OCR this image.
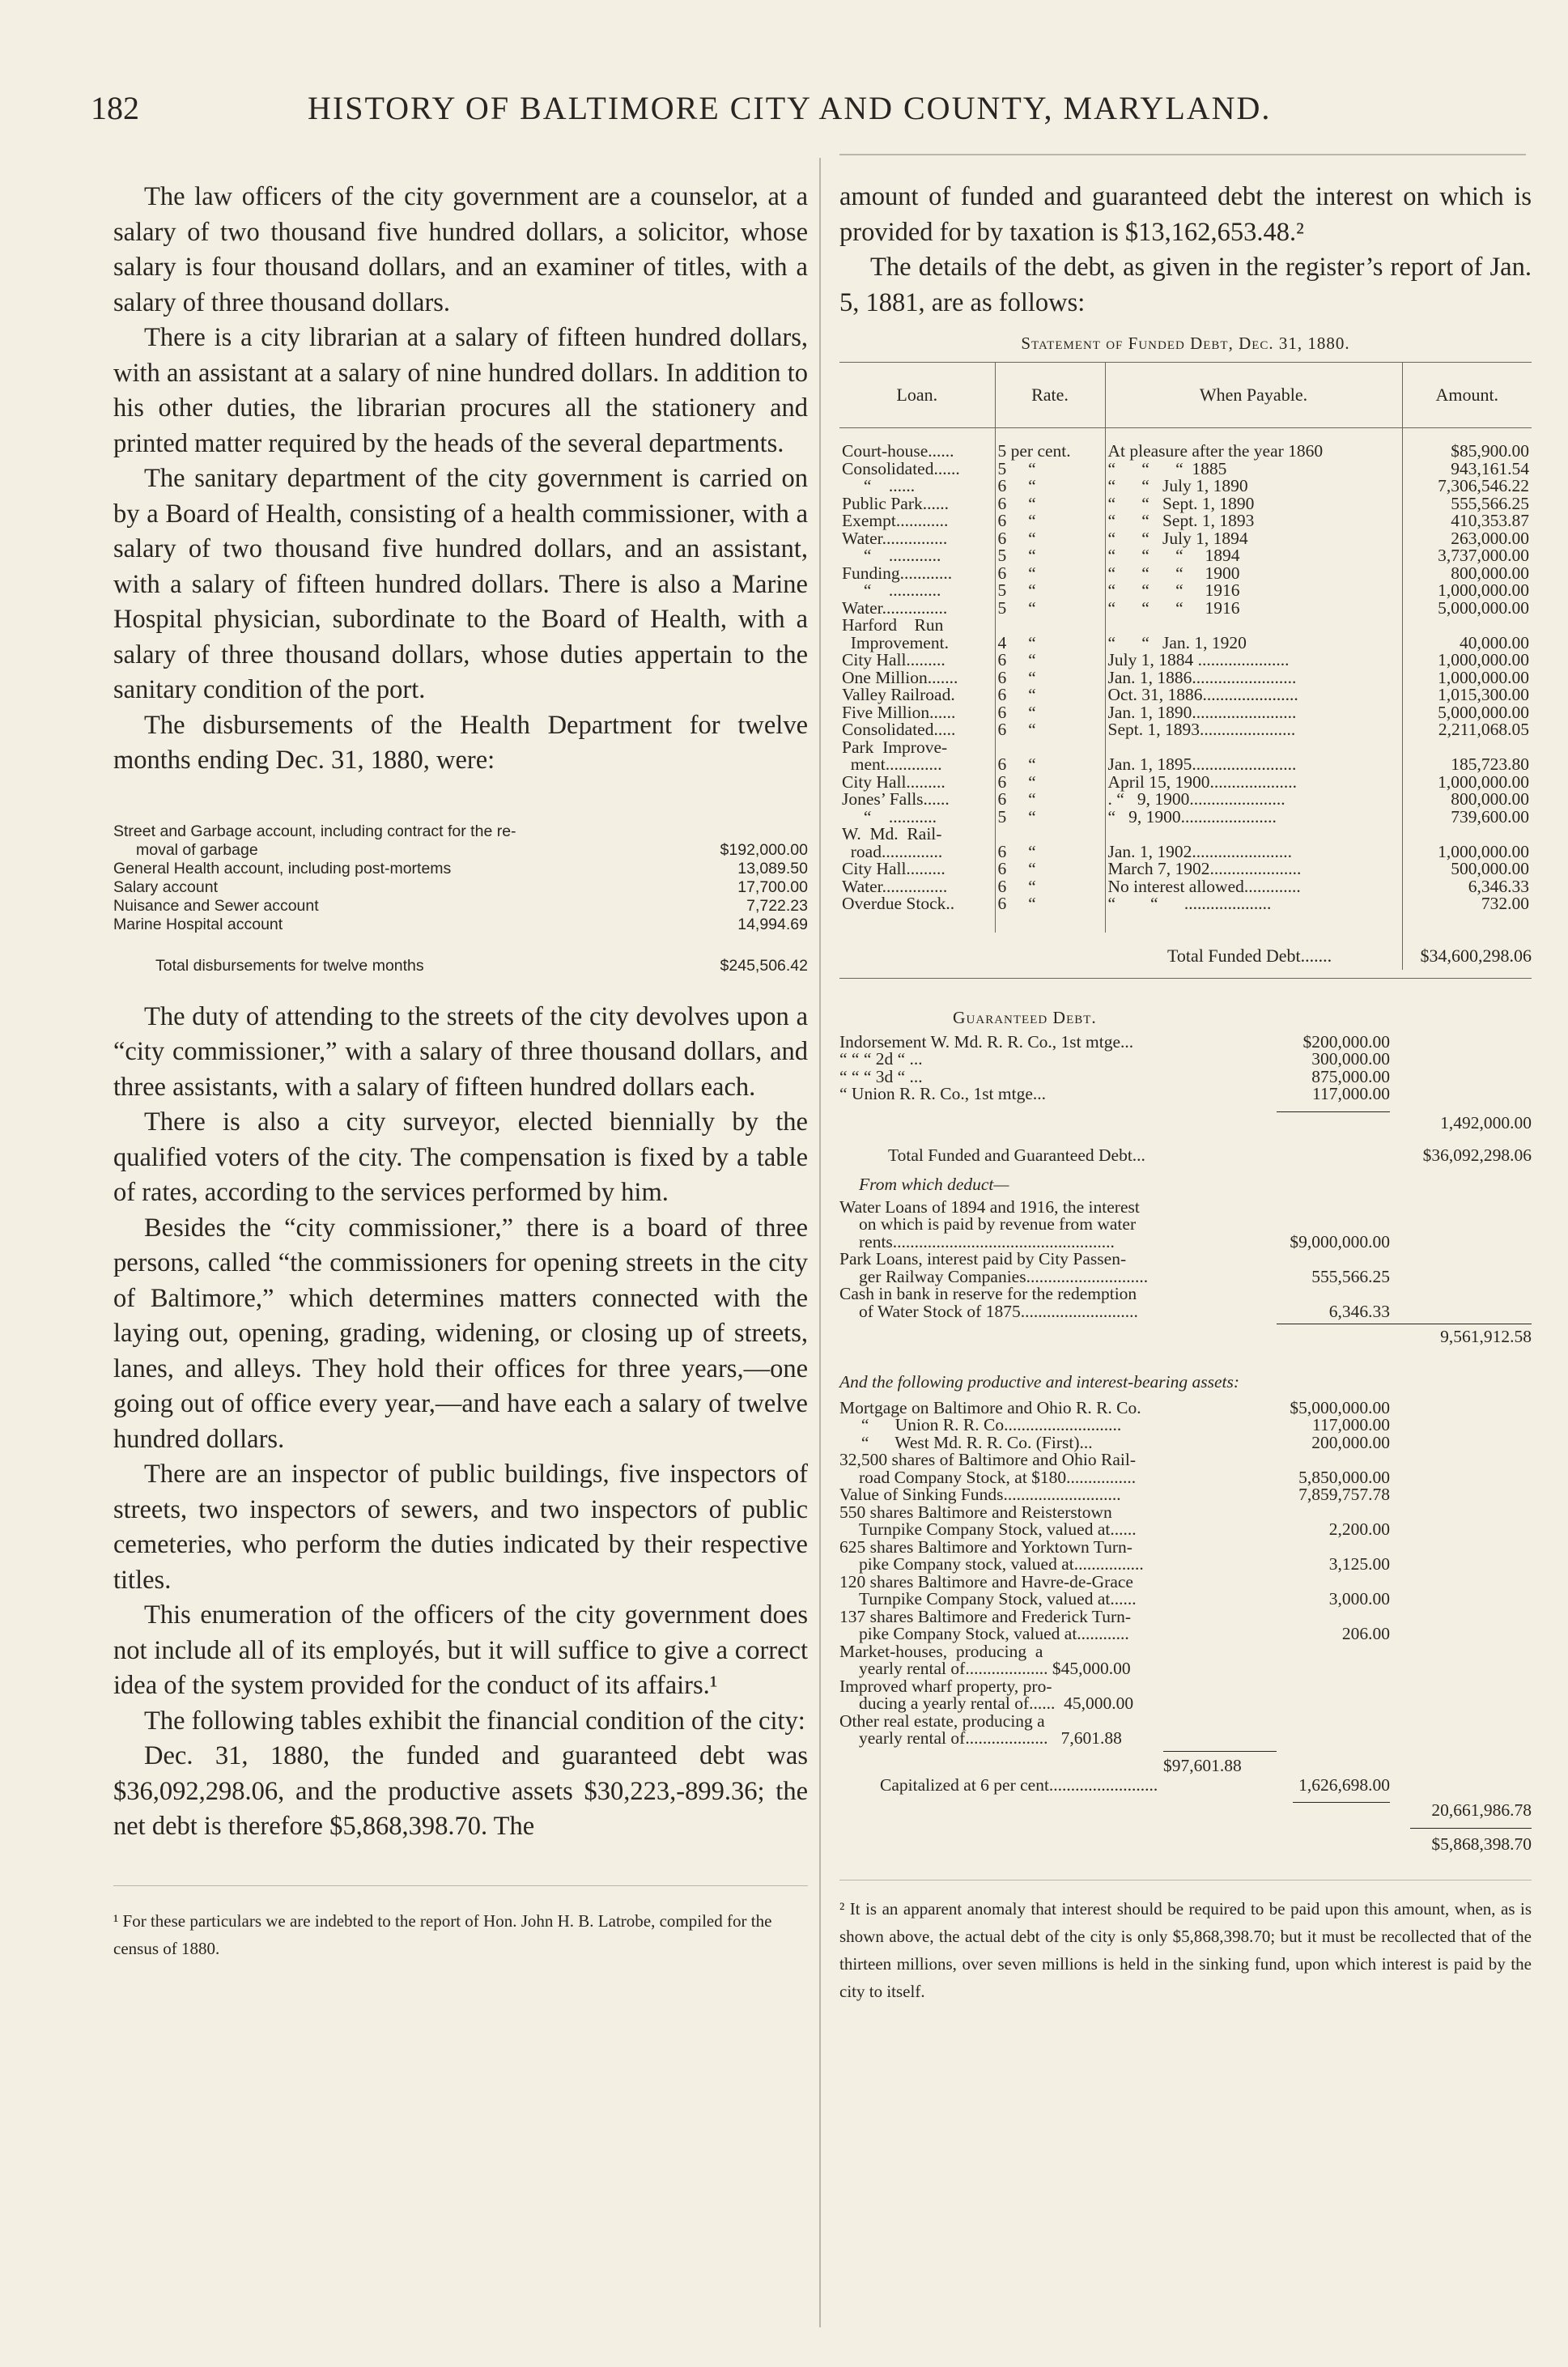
182	HISTORY OF BALTIMORE CITY AND COUNTY, MARYLAND.

The law officers of the city government are a counselor, at a salary of two thousand five hundred dollars, a solicitor, whose salary is four thousand dollars, and an examiner of titles, with a salary of three thousand dollars.

There is a city librarian at a salary of fifteen hundred dollars, with an assistant at a salary of nine hundred dollars. In addition to his other duties, the librarian procures all the stationery and printed matter required by the heads of the several departments.

The sanitary department of the city government is carried on by a Board of Health, consisting of a health commissioner, with a salary of two thousand five hundred dollars, and an assistant, with a salary of fifteen hundred dollars. There is also a Marine Hospital physician, subordinate to the Board of Health, with a salary of three thousand dollars, whose duties appertain to the sanitary condition of the port.

The disbursements of the Health Department for twelve months ending Dec. 31, 1880, were:

Street and Garbage account, including contract for the re-
moval of garbage	$192,000.00
General Health account, including post-mortems	13,089.50
Salary account	17,700.00
Nuisance and Sewer account	7,722.23
Marine Hospital account	14,994.69
Total disbursements for twelve months	$245,506.42

The duty of attending to the streets of the city devolves upon a “city commissioner,” with a salary of three thousand dollars, and three assistants, with a salary of fifteen hundred dollars each.

There is also a city surveyor, elected biennially by the qualified voters of the city. The compensation is fixed by a table of rates, according to the services performed by him.

Besides the “city commissioner,” there is a board of three persons, called “the commissioners for opening streets in the city of Baltimore,” which determines matters connected with the laying out, opening, grading, widening, or closing up of streets, lanes, and alleys. They hold their offices for three years,—one going out of office every year,—and have each a salary of twelve hundred dollars.

There are an inspector of public buildings, five inspectors of streets, two inspectors of sewers, and two inspectors of public cemeteries, who perform the duties indicated by their respective titles.

This enumeration of the officers of the city government does not include all of its employés, but it will suffice to give a correct idea of the system provided for the conduct of its affairs.¹

The following tables exhibit the financial condition of the city:

Dec. 31, 1880, the funded and guaranteed debt was $36,092,298.06, and the productive assets $30,223,-899.36; the net debt is therefore $5,868,398.70. The

¹ For these particulars we are indebted to the report of Hon. John H. B. Latrobe, compiled for the census of 1880.

amount of funded and guaranteed debt the interest on which is provided for by taxation is $13,162,653.48.²

The details of the debt, as given in the register’s report of Jan. 5, 1881, are as follows:

Statement of Funded Debt, Dec. 31, 1880.
Loan.	Rate.	When Payable.	Amount.

Court-house......	5 per cent.	At pleasure after the year 1860	$85,900.00
Consolidated......	5     “	“      “      “  1885	943,161.54
“    ......	6     “	“      “   July 1, 1890	7,306,546.22
Public Park......	6     “	“      “   Sept. 1, 1890	555,566.25
Exempt............	6     “	“      “   Sept. 1, 1893	410,353.87
Water...............	6     “	“      “   July 1, 1894	263,000.00
“    ............	5     “	“      “      “     1894	3,737,000.00
Funding............	6     “	“      “      “     1900	800,000.00
“    ............	5     “	“      “      “     1916	1,000,000.00
Water...............	5     “	“      “      “     1916	5,000,000.00
Harford    Run			
Improvement.	4     “	“      “   Jan. 1, 1920	40,000.00
City Hall.........	6     “	July 1, 1884 .....................	1,000,000.00
One Million.......	6     “	Jan. 1, 1886........................	1,000,000.00
Valley Railroad.	6     “	Oct. 31, 1886......................	1,015,300.00
Five Million......	6     “	Jan. 1, 1890........................	5,000,000.00
Consolidated.....	6     “	Sept. 1, 1893......................	2,211,068.05
Park  Improve-			
ment.............	6     “	Jan. 1, 1895........................	185,723.80
City Hall.........	6     “	April 15, 1900....................	1,000,000.00
Jones’ Falls......	6     “	. “   9, 1900......................	800,000.00
“    ...........	5     “	“   9, 1900......................	739,600.00
W.  Md.  Rail-			
road..............	6     “	Jan. 1, 1902.......................	1,000,000.00
City Hall.........	6     “	March 7, 1902.....................	500,000.00
Water...............	6     “	No interest allowed.............	6,346.33
Overdue Stock..	6     “	“        “      ....................	732.00

Total Funded Debt.......	$34,600,298.06
Guaranteed Debt.
Indorsement W. Md. R. R. Co., 1st mtge...	$200,000.00
“ “ “ 2d “ ...	300,000.00
“ “ “ 3d “ ...	875,000.00
“ Union R. R. Co., 1st mtge...	117,000.00
1,492,000.00
Total Funded and Guaranteed Debt...	$36,092,298.06
From which deduct—
Water Loans of 1894 and 1916, the interest
on which is paid by revenue from water
rents...................................................	$9,000,000.00
Park Loans, interest paid by City Passen-
ger Railway Companies............................	555,566.25
Cash in bank in reserve for the redemption
of Water Stock of 1875...........................	6,346.33
9,561,912.58
And the following productive and interest-bearing assets:
Mortgage on Baltimore and Ohio R. R. Co.	$5,000,000.00
“      Union R. R. Co...........................	117,000.00
“      West Md. R. R. Co. (First)...	200,000.00
32,500 shares of Baltimore and Ohio Rail-
road Company Stock, at $180................	5,850,000.00
Value of Sinking Funds...........................	7,859,757.78
550 shares Baltimore and Reisterstown
Turnpike Company Stock, valued at......	2,200.00
625 shares Baltimore and Yorktown Turn-
pike Company stock, valued at................	3,125.00
120 shares Baltimore and Havre-de-Grace
Turnpike Company Stock, valued at......	3,000.00
137 shares Baltimore and Frederick Turn-
pike Company Stock, valued at............	206.00
Market-houses,  producing  a
yearly rental of................... $45,000.00
Improved wharf property, pro-
ducing a yearly rental of......  45,000.00
Other real estate, producing a
yearly rental of...................   7,601.88
$97,601.88
Capitalized at 6 per cent.........................	1,626,698.00
20,661,986.78
$5,868,398.70
² It is an apparent anomaly that interest should be required to be paid upon this amount, when, as is shown above, the actual debt of the city is only $5,868,398.70; but it must be recollected that of the thirteen millions, over seven millions is held in the sinking fund, upon which interest is paid by the city to itself.
